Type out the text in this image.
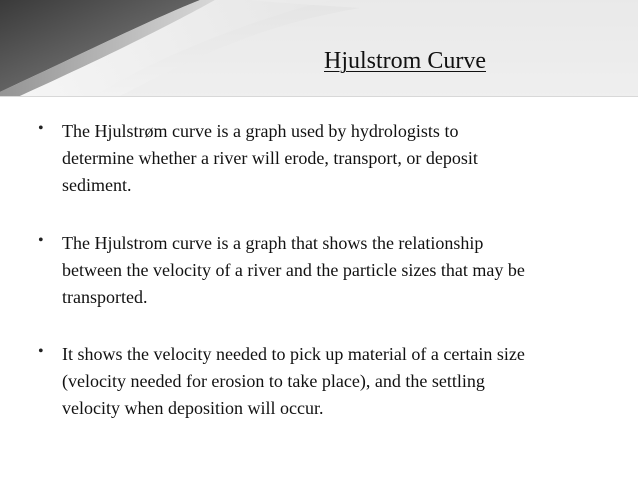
Hjulstrom Curve
• The Hjulstrøm curve is a graph used by hydrologists to
determine whether a river will erode, transport, or deposit
sediment.
• The Hjulstrom curve is a graph that shows the relationship
between the velocity of a river and the particle sizes that may be
transported.
• It shows the velocity needed to pick up material of a certain size
(velocity needed for erosion to take place), and the settling
velocity when deposition will occur.
